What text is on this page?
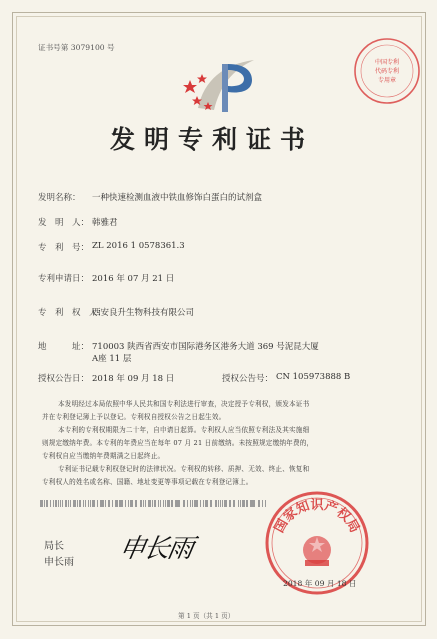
证书号第 3079100 号
中国专利
代码专利
专用章
发明专利证书
发明名称： 一种快速检测血液中铁血修饰白蛋白的试剂盒
发　明　人： 韩雅君
专　利　号： ZL 2016 1 0578361.3
专利申请日： 2016 年 07 月 21 日
专　利　权　人：
西安良升生物科技有限公司
地　　　址： 710003 陕西省西安市国际港务区港务大道 369 号泥昆大厦
A座 11 层
授权公告日： 2018 年 09 月 18 日	授权公告号： CN 105973888 B
本发明经过本局依照中华人民共和国专利法进行审查，决定授予专利权，颁发本证书
并在专利登记簿上予以登记。专利权自授权公告之日起生效。
本专利的专利权期限为二十年，自申请日起算。专利权人应当依照专利法及其实施细
则规定缴纳年费。本专利的年费应当在每年 07 月 21 日前缴纳。未按照规定缴纳年费的，
专利权自应当缴纳年费期满之日起终止。
专利证书记载专利权登记时的法律状况。专利权的转移、质押、无效、终止、恢复和
专利权人的姓名或名称、国籍、地址变更等事项记载在专利登记簿上。
局长
申长雨 申长雨
国家知识产权局
2018 年 09 月 18 日
第 1 页（共 1 页）
